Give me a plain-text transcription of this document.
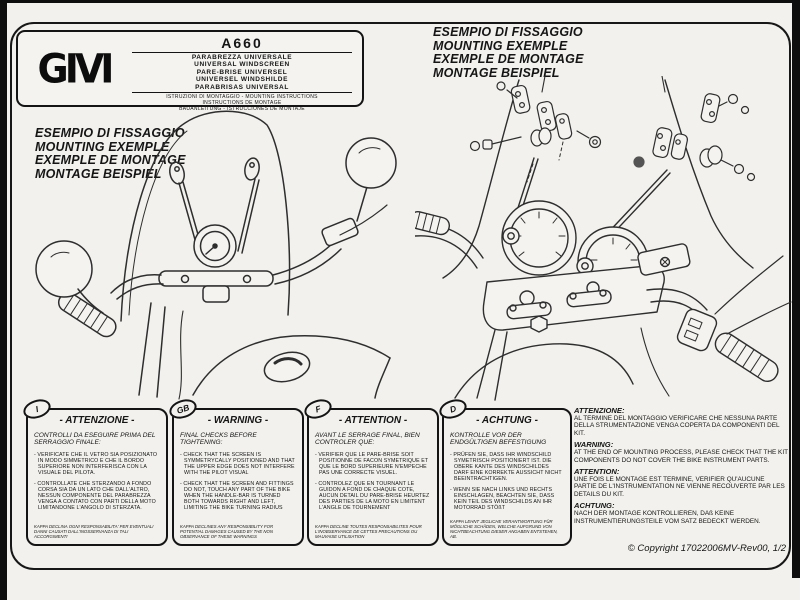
GIVI
A660
PARABREZZA UNIVERSALE
UNIVERSAL WINDSCREEN
PARE-BRISE UNIVERSEL
UNIVERSEL WINDSHILDE
PARABRISAS UNIVERSAL
ISTRUZIONI DI MONTAGGIO - MOUNTING INSTRUCTIONS
INSTRUCTIONS DE MONTAGE
BAUANLEITUNG - ISTRUCCIONES DE MONTAJE
ESEMPIO DI FISSAGGIO
MOUNTING EXEMPLE
EXEMPLE DE MONTAGE
MONTAGE BEISPIEL
ESEMPIO DI FISSAGGIO
MOUNTING EXEMPLE
EXEMPLE DE MONTAGE
MONTAGE BEISPIEL
I
- ATTENZIONE -
CONTROLLI DA ESEGUIRE PRIMA DEL SERRAGGIO FINALE:
- VERIFICATE CHE IL VETRO SIA POSIZIONATO IN MODO SIMMETRICO E CHE IL BORDO SUPERIORE NON INTERFERISCA CON LA VISUALE DEL PILOTA.
- CONTROLLATE CHE STERZANDO A FONDO CORSA SIA DA UN LATO CHE DALL'ALTRO, NESSUN COMPONENTE DEL PARABREZZA VENGA A CONTATO CON PARTI DELLA MOTO LIMITANDONE L'ANGOLO DI STERZATA.
KAPPA DECLINA OGNI RESPONSABILITA' PER EVENTUALI DANNI CAUSATI DALL'INOSSERVANZA DI TALI ACCORGIMENTI
GB
- WARNING -
FINAL CHECKS BEFORE TIGHTENING:
- CHECK THAT THE SCREEN IS SYMMETRYCALLY POSITIONED AND THAT THE UPPER EDGE DOES NOT INTERFERE WITH THE PILOT VISUAL
- CHECK THAT THE SCREEN AND FITTINGS DO NOT, TOUCH ANY PART OF THE BIKE WHEN THE HANDLE-BAR IS TURNED BOTH TOWARDS RIGHT AND LEFT, LIMITING THE BIKE TURNING RADIUS
KAPPA DECLINES ANY RESPONSIBILITY FOR POTENTIAL DAMAGES CAUSED BY THE NON OBSERVANCE OF THESE WARNINGS
F
- ATTENTION -
AVANT LE SERRAGE FINAL, BIEN CONTROLER QUE:
- VERIFIER QUE LE PARE-BRISE SOIT POSITIONNE DE FACON SYMETRIQUE ET QUE LE BORD SUPERIEURE N'EMPECHE PAS UNE CORRECTE VISUEL.
- CONTROLEZ QUE EN TOURNANT LE GUIDON A FOND DE CHAQUE COTE, AUCUN DETAIL DU PARE-BRISE HEURTEZ DES PARTIES DE LA MOTO EN LIMITENT L'ANGLE DE TOURNEMENT
KAPPA DECLINE TOUTES RESPONSABILITES POUR L'INOBSERVANCE DE CETTES PRECAUTIONS OU MAUVAISE UTILISATION
D
- ACHTUNG -
KONTROLLE VOR DER ENDGÜLTIGEN BEFESTIGUNG
- PRÜFEN SIE, DASS IHR WINDSCHILD SYMETRISCH POSITIONIERT IST. DIE OBERE KANTE DES WINDSCHILDES DARF EINE KORREKTE AUSSICHT NICHT BEEINTRACHTIGEN.
- WENN SIE NACH LINKS UND RECHTS EINSCHLAGEN, BEACHTEN SIE, DASS KEIN TEIL DES WINDSCHILDS AN IHR MOTORRAD STÖßT
KAPPA LEHNT JEGLICHE VERANTWORTUNG FÜR MÖGLICHE SCHÄDEN, WELCHE AUFGRUND VON NICHTBEACHTUNG DIESER ANGABEN ENTSTEHEN, AB.
ATTENZIONE:
AL TERMINE DEL MONTAGGIO VERIFICARE CHE NESSUNA PARTE DELLA STRUMENTAZIONE VENGA COPERTA DA COMPONENTI DEL KIT.
WARNING:
AT THE END OF MOUNTING PROCESS, PLEASE CHECK THAT THE KIT COMPONENTS DO NOT COVER THE BIKE INSTRUMENT PARTS.
ATTENTION:
UNE FOIS LE MONTAGE EST TERMINE, VERIFIER QU'AUCUNE PARTIE DE L'INSTRUMENTATION NE VIENNE RECOUVERTE PAR LES DETAILS DU KIT.
ACHTUNG:
NACH DER MONTAGE KONTROLLIEREN, DAß KEINE INSTRUMENTIERUNGSTEILE VOM SATZ BEDECKT WERDEN.
© Copyright 17022006MV-Rev00, 1/2
